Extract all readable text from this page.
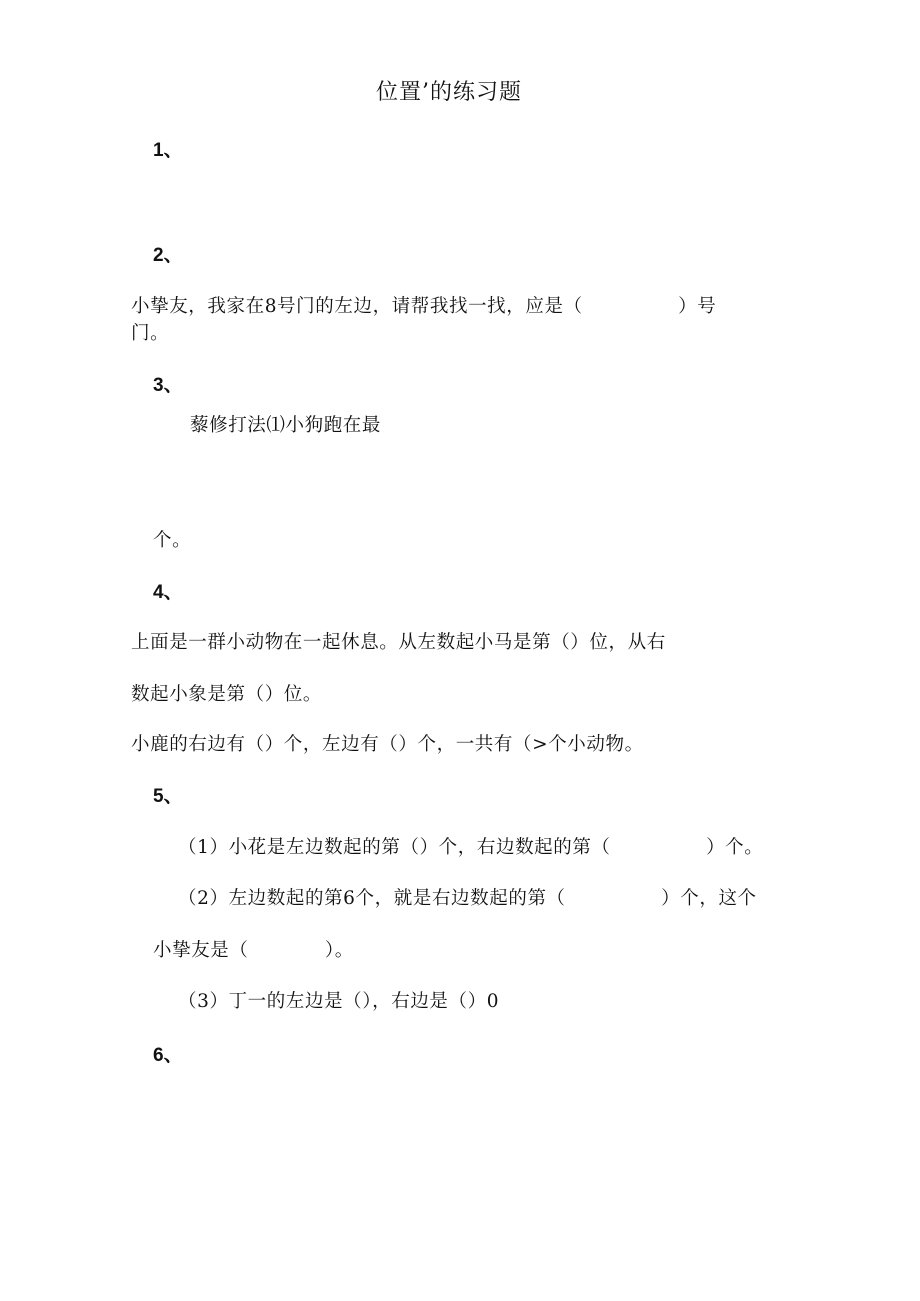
位置’的练习题
1、
2、
小挚友，我家在8号门的左边，请帮我找一找，应是（　　　　　）号
门。
3、
藜修打法⑴小狗跑在最
个。
4、
上面是一群小动物在一起休息。从左数起小马是第（）位，从右
数起小象是第（）位。
小鹿的右边有（）个，左边有（）个，一共有（>个小动物。
5、
（1）小花是左边数起的第（）个，右边数起的第（　　　　　）个。
（2）左边数起的第6个，就是右边数起的第（　　　　　）个，这个
小挚友是（　　　　）。
（3）丁一的左边是（），右边是（）0
6、
